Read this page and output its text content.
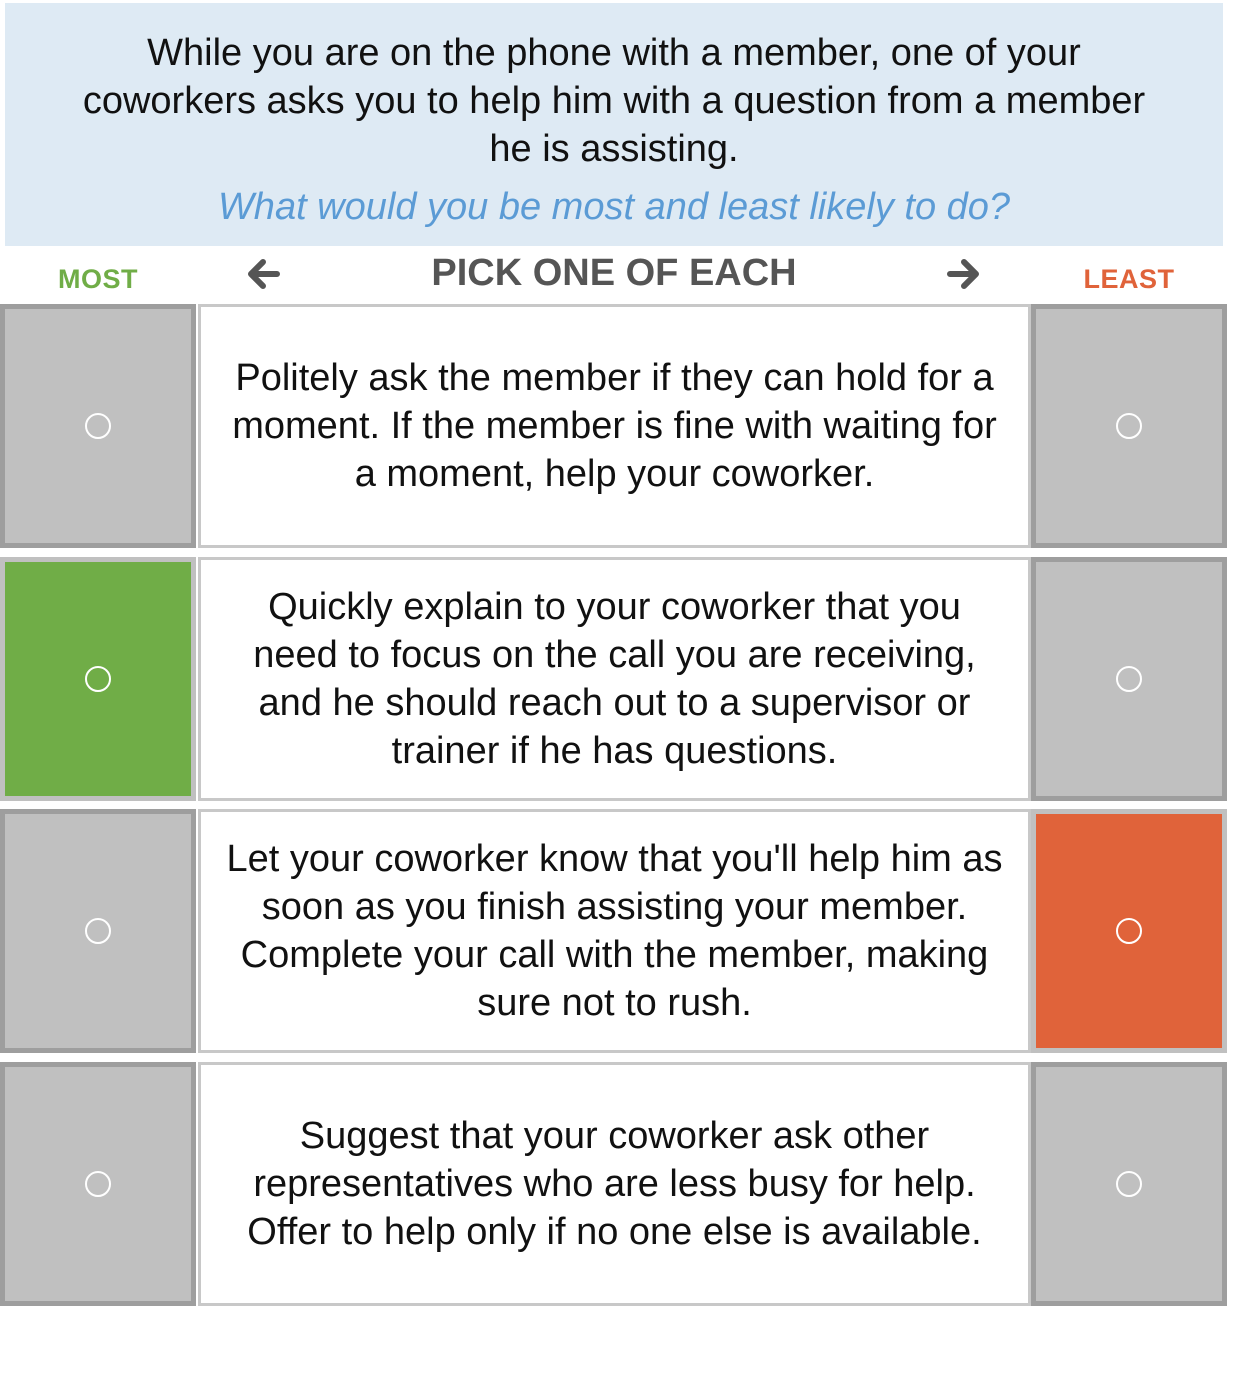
While you are on the phone with a member, one of your coworkers asks you to help him with a question from a member he is assisting.
What would you be most and least likely to do?
MOST	PICK ONE OF EACH	LEAST
Politely ask the member if they can hold for a moment. If the member is fine with waiting for a moment, help your coworker.
Quickly explain to your coworker that you need to focus on the call you are receiving, and he should reach out to a supervisor or trainer if he has questions.
Let your coworker know that you'll help him as soon as you finish assisting your member. Complete your call with the member, making sure not to rush.
Suggest that your coworker ask other representatives who are less busy for help. Offer to help only if no one else is available.
